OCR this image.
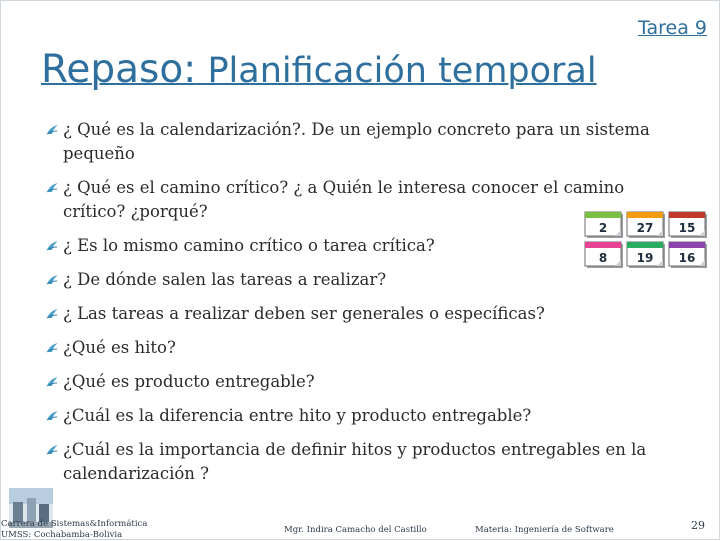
Tarea 9
Repaso: Planificación temporal
¿ Qué es la calendarización?. De un ejemplo concreto para un sistema
pequeño
¿ Qué es el camino crítico? ¿ a Quién le interesa conocer el camino
crítico? ¿porqué?
¿ Es lo mismo camino crítico o tarea crítica?
¿ De dónde salen las tareas a realizar?
¿ Las tareas a realizar deben ser generales o específicas?
¿Qué es hito?
¿Qué es producto entregable?
¿Cuál es la diferencia entre hito y producto entregable?
¿Cuál es la importancia de definir hitos y productos entregables en la
calendarización ?
2 27 15
8 19 16
Carrera de Sistemas&Informática
UMSS: Cochabamba-Bolivia	Mgr. Indira Camacho del Castillo	Materia: Ingeniería de Software	29
